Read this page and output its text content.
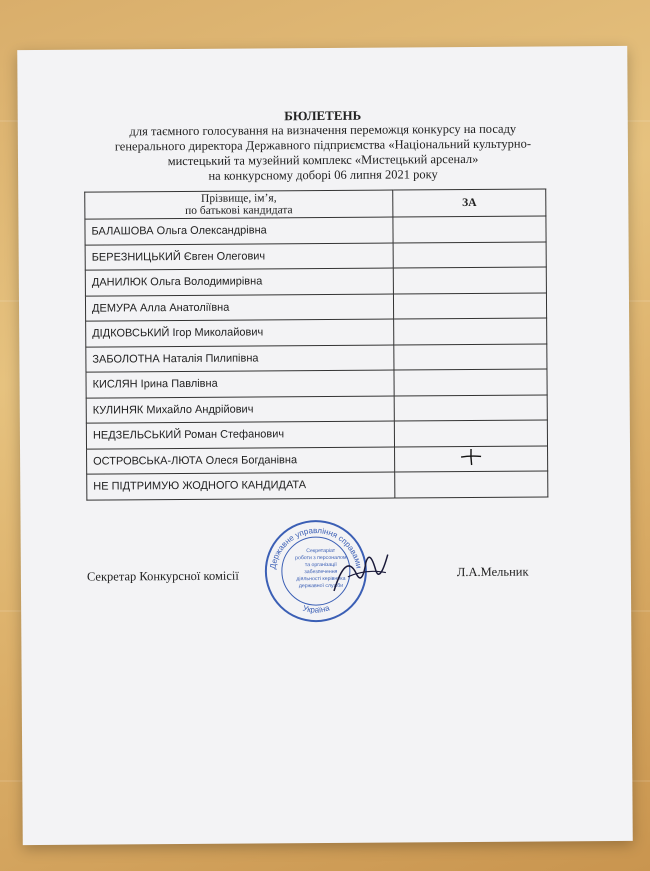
БЮЛЕТЕНЬ
для таємного голосування на визначення переможця конкурсу на посаду
генерального директора Державного підприємства «Національний культурно-
мистецький та музейний комплекс «Мистецький арсенал»
на конкурсному доборі 06 липня 2021 року
Прізвище, ім’я,
по батькові кандидата	ЗА
БАЛАШОВА Ольга Олександрівна	
БЕРЕЗНИЦЬКИЙ Євген Олегович	
ДАНИЛЮК Ольга Володимирівна	
ДЕМУРА Алла Анатоліївна	
ДІДКОВСЬКИЙ Ігор Миколайович	
ЗАБОЛОТНА Наталія Пилипівна	
КИСЛЯН Ірина Павлівна	
КУЛИНЯК Михайло Андрійович	
НЕДЗЕЛЬСЬКИЙ Роман Стефанович	
ОСТРОВСЬКА-ЛЮТА Олеся Богданівна	
НЕ ПІДТРИМУЮ ЖОДНОГО КАНДИДАТА	
Секретар Конкурсної комісії	Л.А.Мельник
Державне управління справами
Україна
Секретаріат
роботи з персоналом
та організації
забезпечення
діяльності керівника
державної служби
